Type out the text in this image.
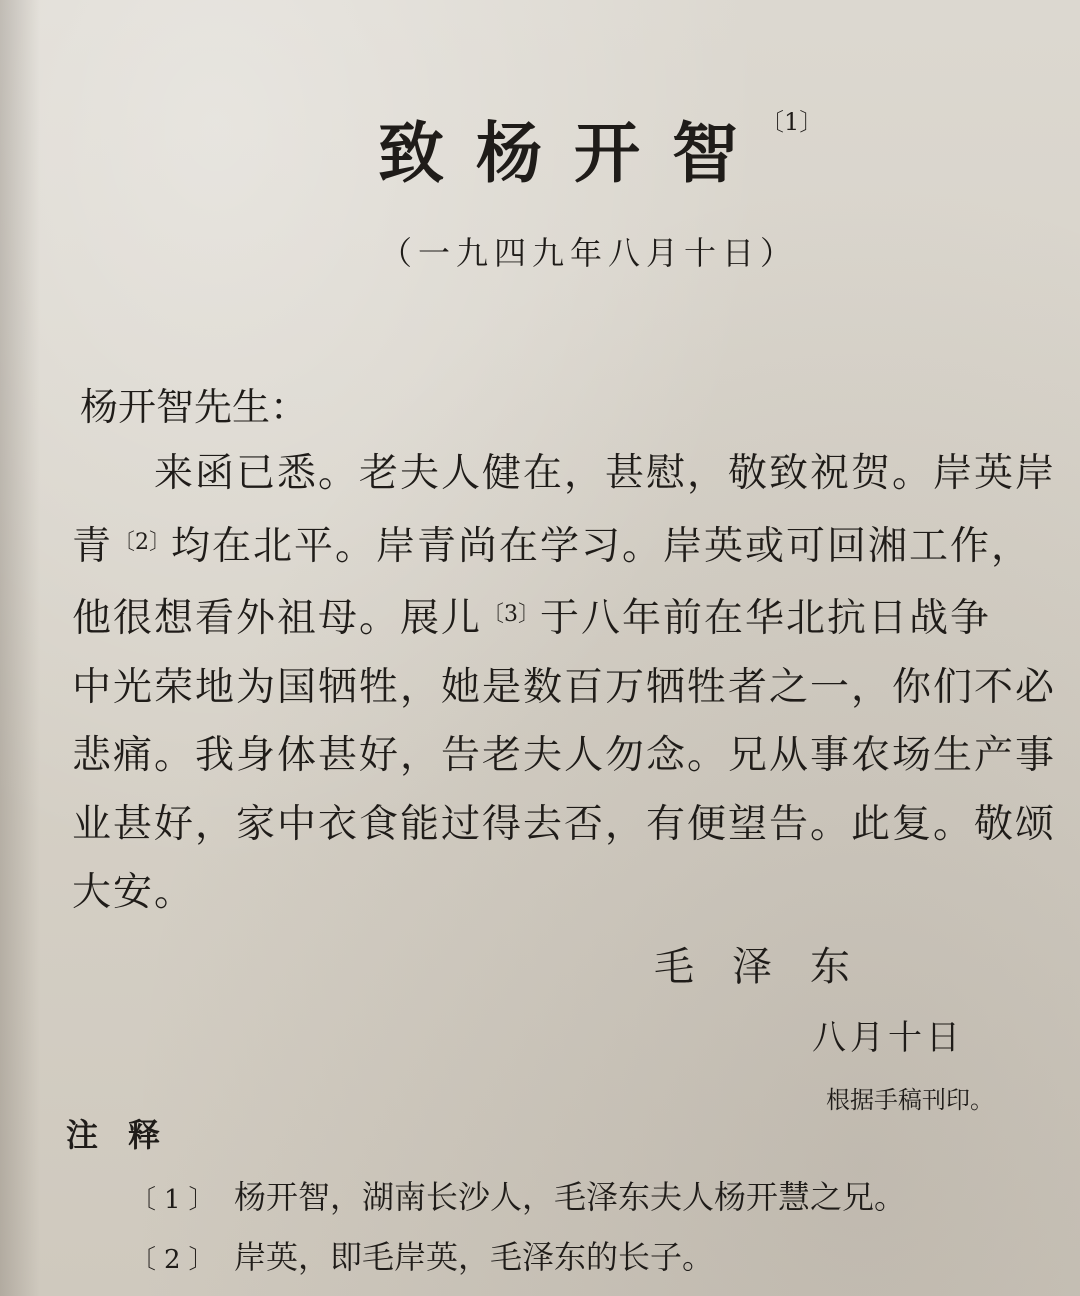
致杨开智
〔1〕
（一九四九年八月十日）
杨开智先生：
来函已悉。老夫人健在，甚慰，敬致祝贺。岸英岸
青$^{〔2〕}$均在北平。岸青尚在学习。岸英或可回湘工作，
他很想看外祖母。展儿$^{〔3〕}$于八年前在华北抗日战争
中光荣地为国牺牲，她是数百万牺牲者之一，你们不必
悲痛。我身体甚好，告老夫人勿念。兄从事农场生产事
业甚好，家中衣食能过得去否，有便望告。此复。敬颂
大安。
毛泽东
八月十日
根据手稿刊印。
注释
〔1〕 杨开智，湖南长沙人，毛泽东夫人杨开慧之兄。
〔2〕 岸英，即毛岸英，毛泽东的长子。
